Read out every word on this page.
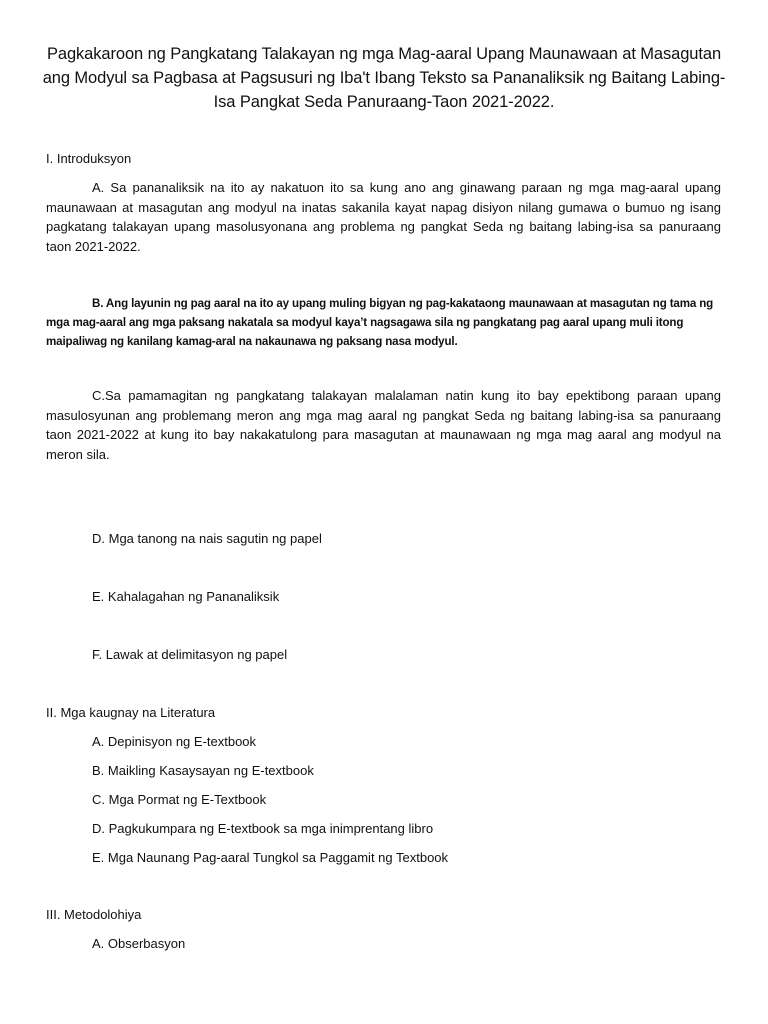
Pagkakaroon ng Pangkatang Talakayan ng mga Mag-aaral Upang Maunawaan at Masagutan ang Modyul sa Pagbasa at Pagsusuri ng Iba't Ibang Teksto sa Pananaliksik ng Baitang Labing-Isa Pangkat Seda Panuraang-Taon 2021-2022.
I. Introduksyon
A. Sa pananaliksik na ito ay nakatuon ito sa kung ano ang ginawang paraan ng mga mag-aaral upang maunawaan at masagutan ang modyul na inatas sakanila kayat napag disiyon nilang gumawa o bumuo ng isang pagkatang talakayan upang masolusyonana ang problema ng pangkat Seda ng baitang labing-isa sa panuraang taon 2021-2022.
B. Ang layunin ng pag aaral na ito ay upang muling bigyan ng pag-kakataong maunawaan at masagutan ng tama ng mga mag-aaral ang mga paksang nakatala sa modyul kaya’t nagsagawa sila ng pangkatang pag aaral upang muli itong maipaliwag ng kanilang kamag-aral na nakaunawa ng paksang nasa modyul.
C.Sa pamamagitan ng pangkatang talakayan malalaman natin kung ito bay epektibong paraan upang masulosyunan ang problemang meron ang mga mag aaral ng pangkat Seda ng baitang labing-isa sa panuraang taon 2021-2022 at kung ito bay nakakatulong para masagutan at maunawaan ng mga mag aaral ang modyul na meron sila.
D. Mga tanong na nais sagutin ng papel
E. Kahalagahan ng Pananaliksik
F. Lawak at delimitasyon ng papel
II. Mga kaugnay na Literatura
A. Depinisyon ng E-textbook
B. Maikling Kasaysayan ng E-textbook
C. Mga Pormat ng E-Textbook
D. Pagkukumpara ng E-textbook sa mga inimprentang libro
E. Mga Naunang Pag-aaral Tungkol sa Paggamit ng Textbook
III. Metodolohiya
A. Obserbasyon
